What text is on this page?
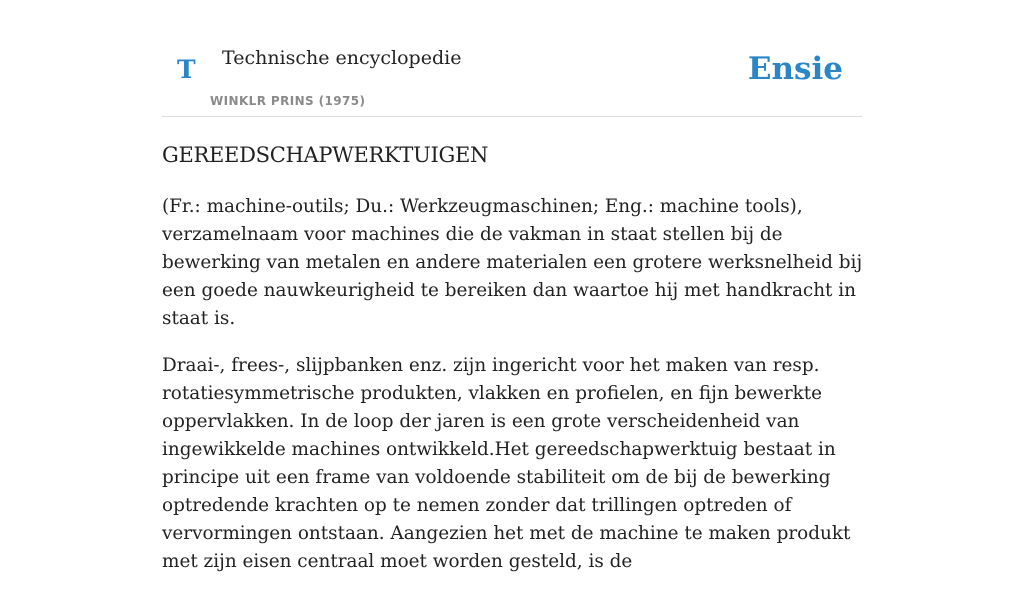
T Technische encyclopedie
WINKLR PRINS (1975)
Ensie
GEREEDSCHAPWERKTUIGEN

(Fr.: machine-outils; Du.: Werkzeugmaschinen; Eng.: machine tools), verzamelnaam voor machines die de vakman in staat stellen bij de bewerking van metalen en andere materialen een grotere werksnelheid bij een goede nauwkeurigheid te bereiken dan waartoe hij met handkracht in staat is.

Draai-, frees-, slijpbanken enz. zijn ingericht voor het maken van resp. rotatiesymmetrische produkten, vlakken en profielen, en fijn bewerkte oppervlakken. In de loop der jaren is een grote verscheidenheid van ingewikkelde machines ontwikkeld.Het gereedschapwerktuig bestaat in principe uit een frame van voldoende stabiliteit om de bij de bewerking optredende krachten op te nemen zonder dat trillingen optreden of vervormingen ontstaan. Aangezien het met de machine te maken produkt met zijn eisen centraal moet worden gesteld, is de
